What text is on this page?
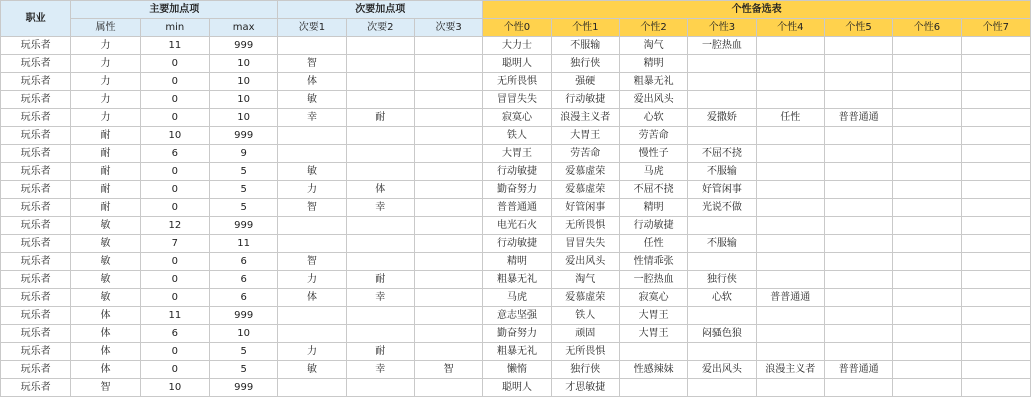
职业	主要加点项			次要加点项			个性备选表							
	属性	min	max	次要1	次要2	次要3	个性0	个性1	个性2	个性3	个性4	个性5	个性6	个性7
玩乐者	力	11	999				大力士	不服输	淘气	一腔热血				
玩乐者	力	0	10	智			聪明人	独行侠	精明					
玩乐者	力	0	10	体			无所畏惧	强硬	粗暴无礼					
玩乐者	力	0	10	敏			冒冒失失	行动敏捷	爱出风头					
玩乐者	力	0	10	幸	耐		寂寞心	浪漫主义者	心软	爱撒娇	任性	普普通通		
玩乐者	耐	10	999				铁人	大胃王	劳苦命					
玩乐者	耐	6	9				大胃王	劳苦命	慢性子	不屈不挠				
玩乐者	耐	0	5	敏			行动敏捷	爱慕虚荣	马虎	不服输				
玩乐者	耐	0	5	力	体		勤奋努力	爱慕虚荣	不屈不挠	好管闲事				
玩乐者	耐	0	5	智	幸		普普通通	好管闲事	精明	光说不做				
玩乐者	敏	12	999				电光石火	无所畏惧	行动敏捷					
玩乐者	敏	7	11				行动敏捷	冒冒失失	任性	不服输				
玩乐者	敏	0	6	智			精明	爱出风头	性情乖张					
玩乐者	敏	0	6	力	耐		粗暴无礼	淘气	一腔热血	独行侠				
玩乐者	敏	0	6	体	幸		马虎	爱慕虚荣	寂寞心	心软	普普通通			
玩乐者	体	11	999				意志坚强	铁人	大胃王					
玩乐者	体	6	10				勤奋努力	顽固	大胃王	闷骚色狼				
玩乐者	体	0	5	力	耐		粗暴无礼	无所畏惧						
玩乐者	体	0	5	敏	幸	智	懒惰	独行侠	性感辣妹	爱出风头	浪漫主义者	普普通通		
玩乐者	智	10	999				聪明人	才思敏捷						
